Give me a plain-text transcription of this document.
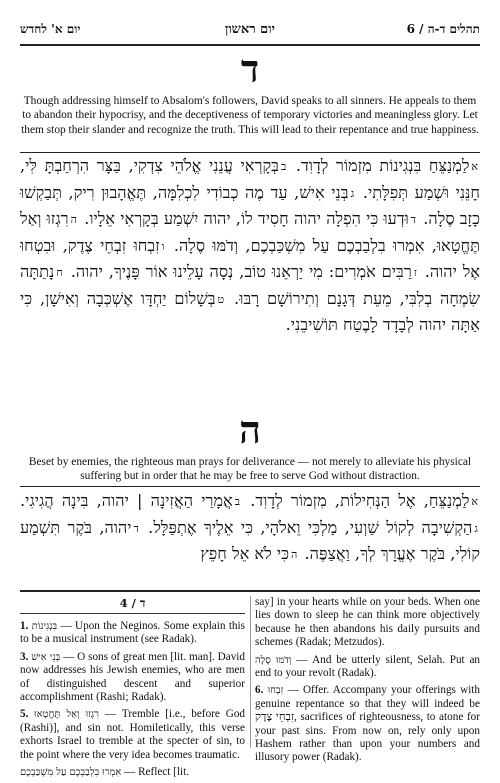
יום א' לחדש	יום ראשון	6 / תהלים ד-ה
ד
Though addressing himself to Absalom's followers, David speaks to all sinners. He appeals to them to abandon their hypocrisy, and the deceptiveness of temporary victories and meaningless glory. Let them stop their slander and recognize the truth. This will lead to their repentance and true happiness.

אלַמְנַצֵּחַ בִּנְגִינוֹת מִזְמוֹר לְדָוִד. בבְּקָרְאִי עֲנֵנִי אֱלֹהֵי צִדְקִי, בַּצָּר הִרְחַבְתָּ לִּי, חָנֵּנִי וּשְׁמַע תְּפִלָּתִי. גבְּנֵי אִישׁ, עַד מֶה כְבוֹדִי לִכְלִמָּה, תֶּאֱהָבוּן רִיק, תְּבַקְשׁוּ כָזָב סֶלָה. דוּדְעוּ כִּי הִפְלָה יהוה חָסִיד לוֹ, יהוה יִשְׁמַע בְּקָרְאִי אֵלָיו. הרִגְזוּ וְאַל תֶּחֱטָאוּ, אִמְרוּ בִלְבַבְכֶם עַל מִשְׁכַּבְכֶם, וְדֹמּוּ סֶלָה. וזִבְחוּ זִבְחֵי צֶדֶק, וּבִטְחוּ אֶל יהוה. זרַבִּים אֹמְרִים: מִי יַרְאֵנוּ טוֹב, נְסָה עָלֵינוּ אוֹר פָּנֶיךָ, יהוה. חנָתַתָּה שִׂמְחָה בְלִבִּי, מֵעֵת דְּגָנָם וְתִירוֹשָׁם רָבּוּ. טבְּשָׁלוֹם יַחְדָּו אֶשְׁכְּבָה וְאִישָׁן, כִּי אַתָּה יהוה לְבָדָד לָבֶטַח תּוֹשִׁיבֵנִי.

ה
Beset by enemies, the righteous man prays for deliverance — not merely to alleviate his physical suffering but in order that he may be free to serve God without distraction.

אלַמְנַצֵּחַ, אֶל הַנְּחִילוֹת, מִזְמוֹר לְדָוִד. באֲמָרַי הַאֲזִינָה | יהוה, בִּינָה הֲגִיגִי. גהַקְשִׁיבָה לְקוֹל שַׁוְעִי, מַלְכִּי וֵאלֹהָי, כִּי אֵלֶיךָ אֶתְפַּלָּל. דיהוה, בֹּקֶר תִּשְׁמַע קוֹלִי, בֹּקֶר אֶעֱרָךְ לְךָ, וַאֲצַפֶּה. הכִּי לֹא אֵל חָפֵץ

4 / ד

1. בִּנְגִינוֹת — Upon the Neginos. Some explain this to be a musical instrument (see Radak).

3. בְּנֵי אִישׁ — O sons of great men [lit. man]. David now addresses his Jewish enemies, who are men of distinguished descent and superior accomplishment (Rashi; Radak).

5. רִגְזוּ וְאַל תֶּחֱטָאוּ — Tremble [i.e., before God (Rashi)], and sin not. Homiletically, this verse exhorts Israel to tremble at the specter of sin, to the point where the very idea becomes traumatic.

אִמְרוּ בִלְבַבְכֶם עַל מִשְׁכַּבְכֶם — Reflect [lit.

say] in your hearts while on your beds. When one lies down to sleep he can think more objectively because he then abandons his daily pursuits and schemes (Radak; Metzudos).

וְדֹמּוּ סֶלָה — And be utterly silent, Selah. Put an end to your revolt (Radak).

6. זִבְחוּ — Offer. Accompany your offerings with genuine repentance so that they will indeed be זִבְחֵי צֶדֶק, sacrifices of righteousness, to atone for your past sins. From now on, rely only upon Hashem rather than upon your numbers and illusory power (Radak).
